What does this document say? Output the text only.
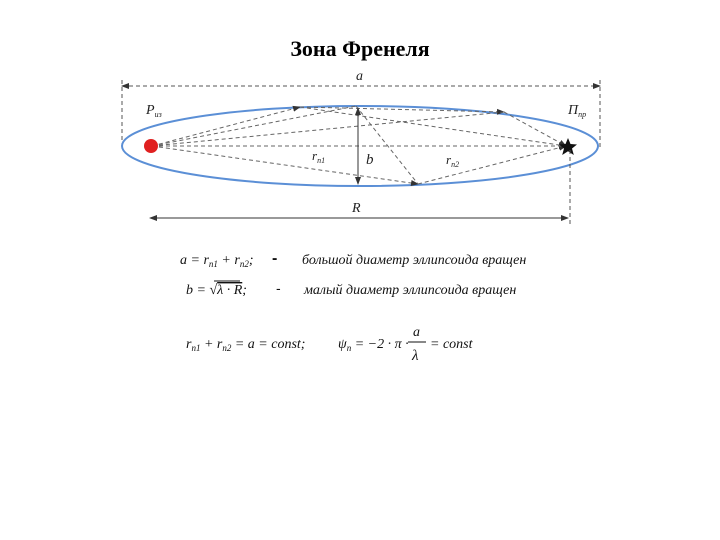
Зона Френеля
a
b
$r_{п1}$	$r_{п2}$
$Р_{из}$	$П_{пр}$
R
$a = r_{п1} + r_{п2}$; - большой диаметр эллипсоида вращен
b = √λ · R; - малый диаметр эллипсоида вращен
$r_{п1} + r_{п2} = a$ = const; $\psi_п = -2 \cdot \pi$ ·
a
λ
= const
